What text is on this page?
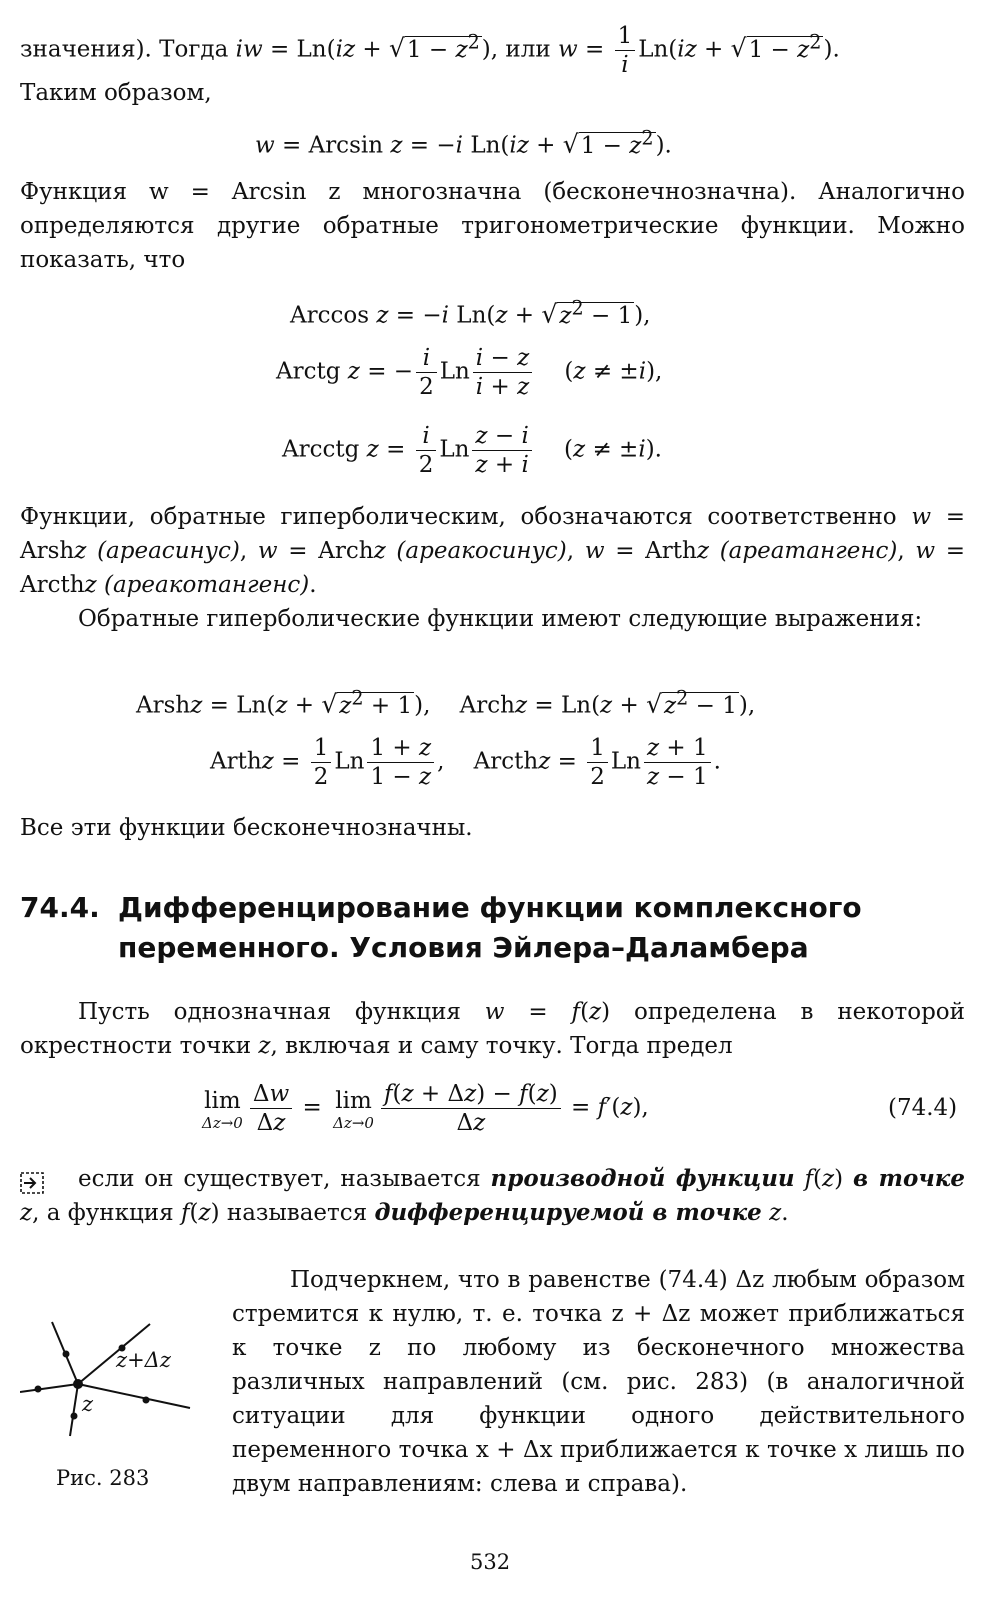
значения). Тогда iw = $Ln(iz + √1 - z^2)$, или $w = \frac{1}{i} Ln(iz + √1 - z^2)$.
Таким образом,
w = Arcsin z = −i $Ln(iz + √1 - z^2)$.
Функция w = Arcsin z многозначна (бесконечнозначна). Аналогично определяются другие обратные тригонометрические функции. Можно показать, что
Arccos z = −i $Ln(z + √z^2 - 1)$,
Arctg z = − $\frac{i}{2}$ Ln $\frac{i - z}{i + z} (z \ne \pm i)$,
Arcctg $z = \frac{i}{2}$ Ln $\frac{z - i}{z + i} (z \ne \pm i)$.
Функции, обратные гиперболическим, обозначаются соответственно w = Arshz (ареасинус), w = Archz (ареакосинус), w = Arthz (ареатангенс), w = Arcthz (ареакотангенс).
Обратные гиперболические функции имеют следующие выражения:
Arshz = $Ln(z + √z^2 + 1)$,    Archz = $Ln(z + √z^2 - 1)$,
Arthz = $\frac{1}{2}$ Ln $\frac{1 + z}{1 - z}$ ,    Arcthz = $\frac{1}{2}$ Ln $\frac{z + 1}{z - 1}$ .
Все эти функции бесконечнозначны.
74.4. Дифференцирование функции комплексного
переменного. Условия Эйлера–Даламбера
Пусть однозначная функция w = f(z) определена в некоторой окрестности точки z, включая и саму точку. Тогда предел
lim
$\Delta z\to 0 \frac{\Delta w}{\Delta z} = \lim$
$\Delta z\to 0 \frac{f(z + \Delta z) - f(z)}{\Delta z} = f'(z)$,	(74.4)
если он существует, называется производной функции f(z) в точке z, а функция f(z) называется дифференцируемой в точке z.
z+Δz
z
Рис. 283
Подчеркнем, что в равенстве (74.4) Δz любым образом стремится к нулю, т. е. точка z + Δz может приближаться к точке z по любому из бесконечного множества различных направлений (см. рис. 283) (в аналогичной ситуации для функции одного действительного переменного точка x + Δx приближается к точке x лишь по двум направлениям: слева и справа).
532
